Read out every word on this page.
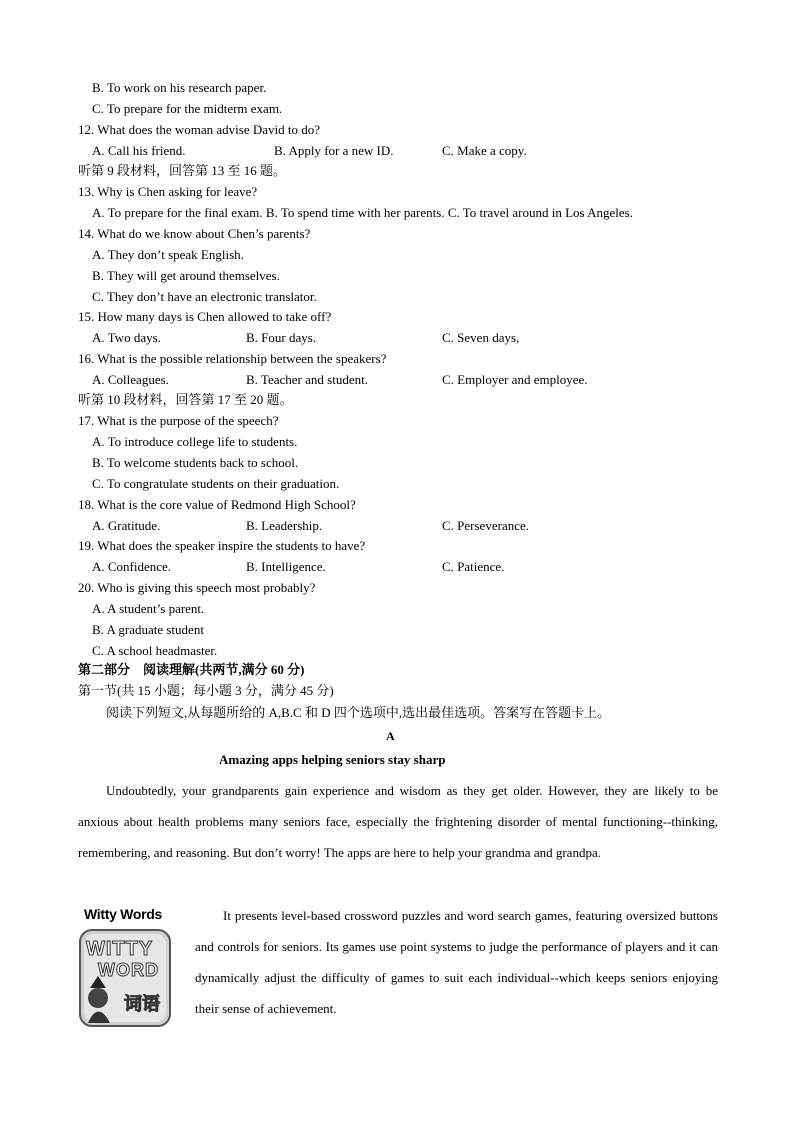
B. To work on his research paper.
C. To prepare for the midterm exam.
12. What does the woman advise David to do?
A. Call his friend.	B. Apply for a new ID.	C. Make a copy.
听第 9 段材料，回答第 13 至 16 题。
13. Why is Chen asking for leave?
A. To prepare for the final exam. B. To spend time with her parents. C. To travel around in Los Angeles.
14. What do we know about Chen’s parents?
A. They don’t speak English.
B. They will get around themselves.
C. They don’t have an electronic translator.
15. How many days is Chen allowed to take off?
A. Two days.	B. Four days.	C. Seven days,
16. What is the possible relationship between the speakers?
A. Colleagues.	B. Teacher and student.	C. Employer and employee.
听第 10 段材料，回答第 17 至 20 题。
17. What is the purpose of the speech?
A. To introduce college life to students.
B. To welcome students back to school.
C. To congratulate students on their graduation.
18. What is the core value of Redmond High School?
A. Gratitude.	B. Leadership.	C. Perseverance.
19. What does the speaker inspire the students to have?
A. Confidence.	B. Intelligence.	C. Patience.
20. Who is giving this speech most probably?
A. A student’s parent.
B. A graduate student
C. A school headmaster.
第二部分　阅读理解(共两节,满分 60 分)
第一节(共 15 小题；每小题 3 分，满分 45 分)
阅读下列短文,从每题所给的 A,B.C 和 D 四个选项中,选出最佳选项。答案写在答题卡上。
A
Amazing apps helping seniors stay sharp
Undoubtedly, your grandparents gain experience and wisdom as they get older. However, they are likely to be anxious about health problems many seniors face, especially the frightening disorder of mental functioning--thinking, remembering, and reasoning. But don’t worry! The apps are here to help your grandma and grandpa.
Witty Words
WITTY
WORD
词语
It presents level-based crossword puzzles and word search games, featuring oversized buttons and controls for seniors. Its games use point systems to judge the performance of players and it can dynamically adjust the difficulty of games to suit each individual--which keeps seniors enjoying their sense of achievement.
